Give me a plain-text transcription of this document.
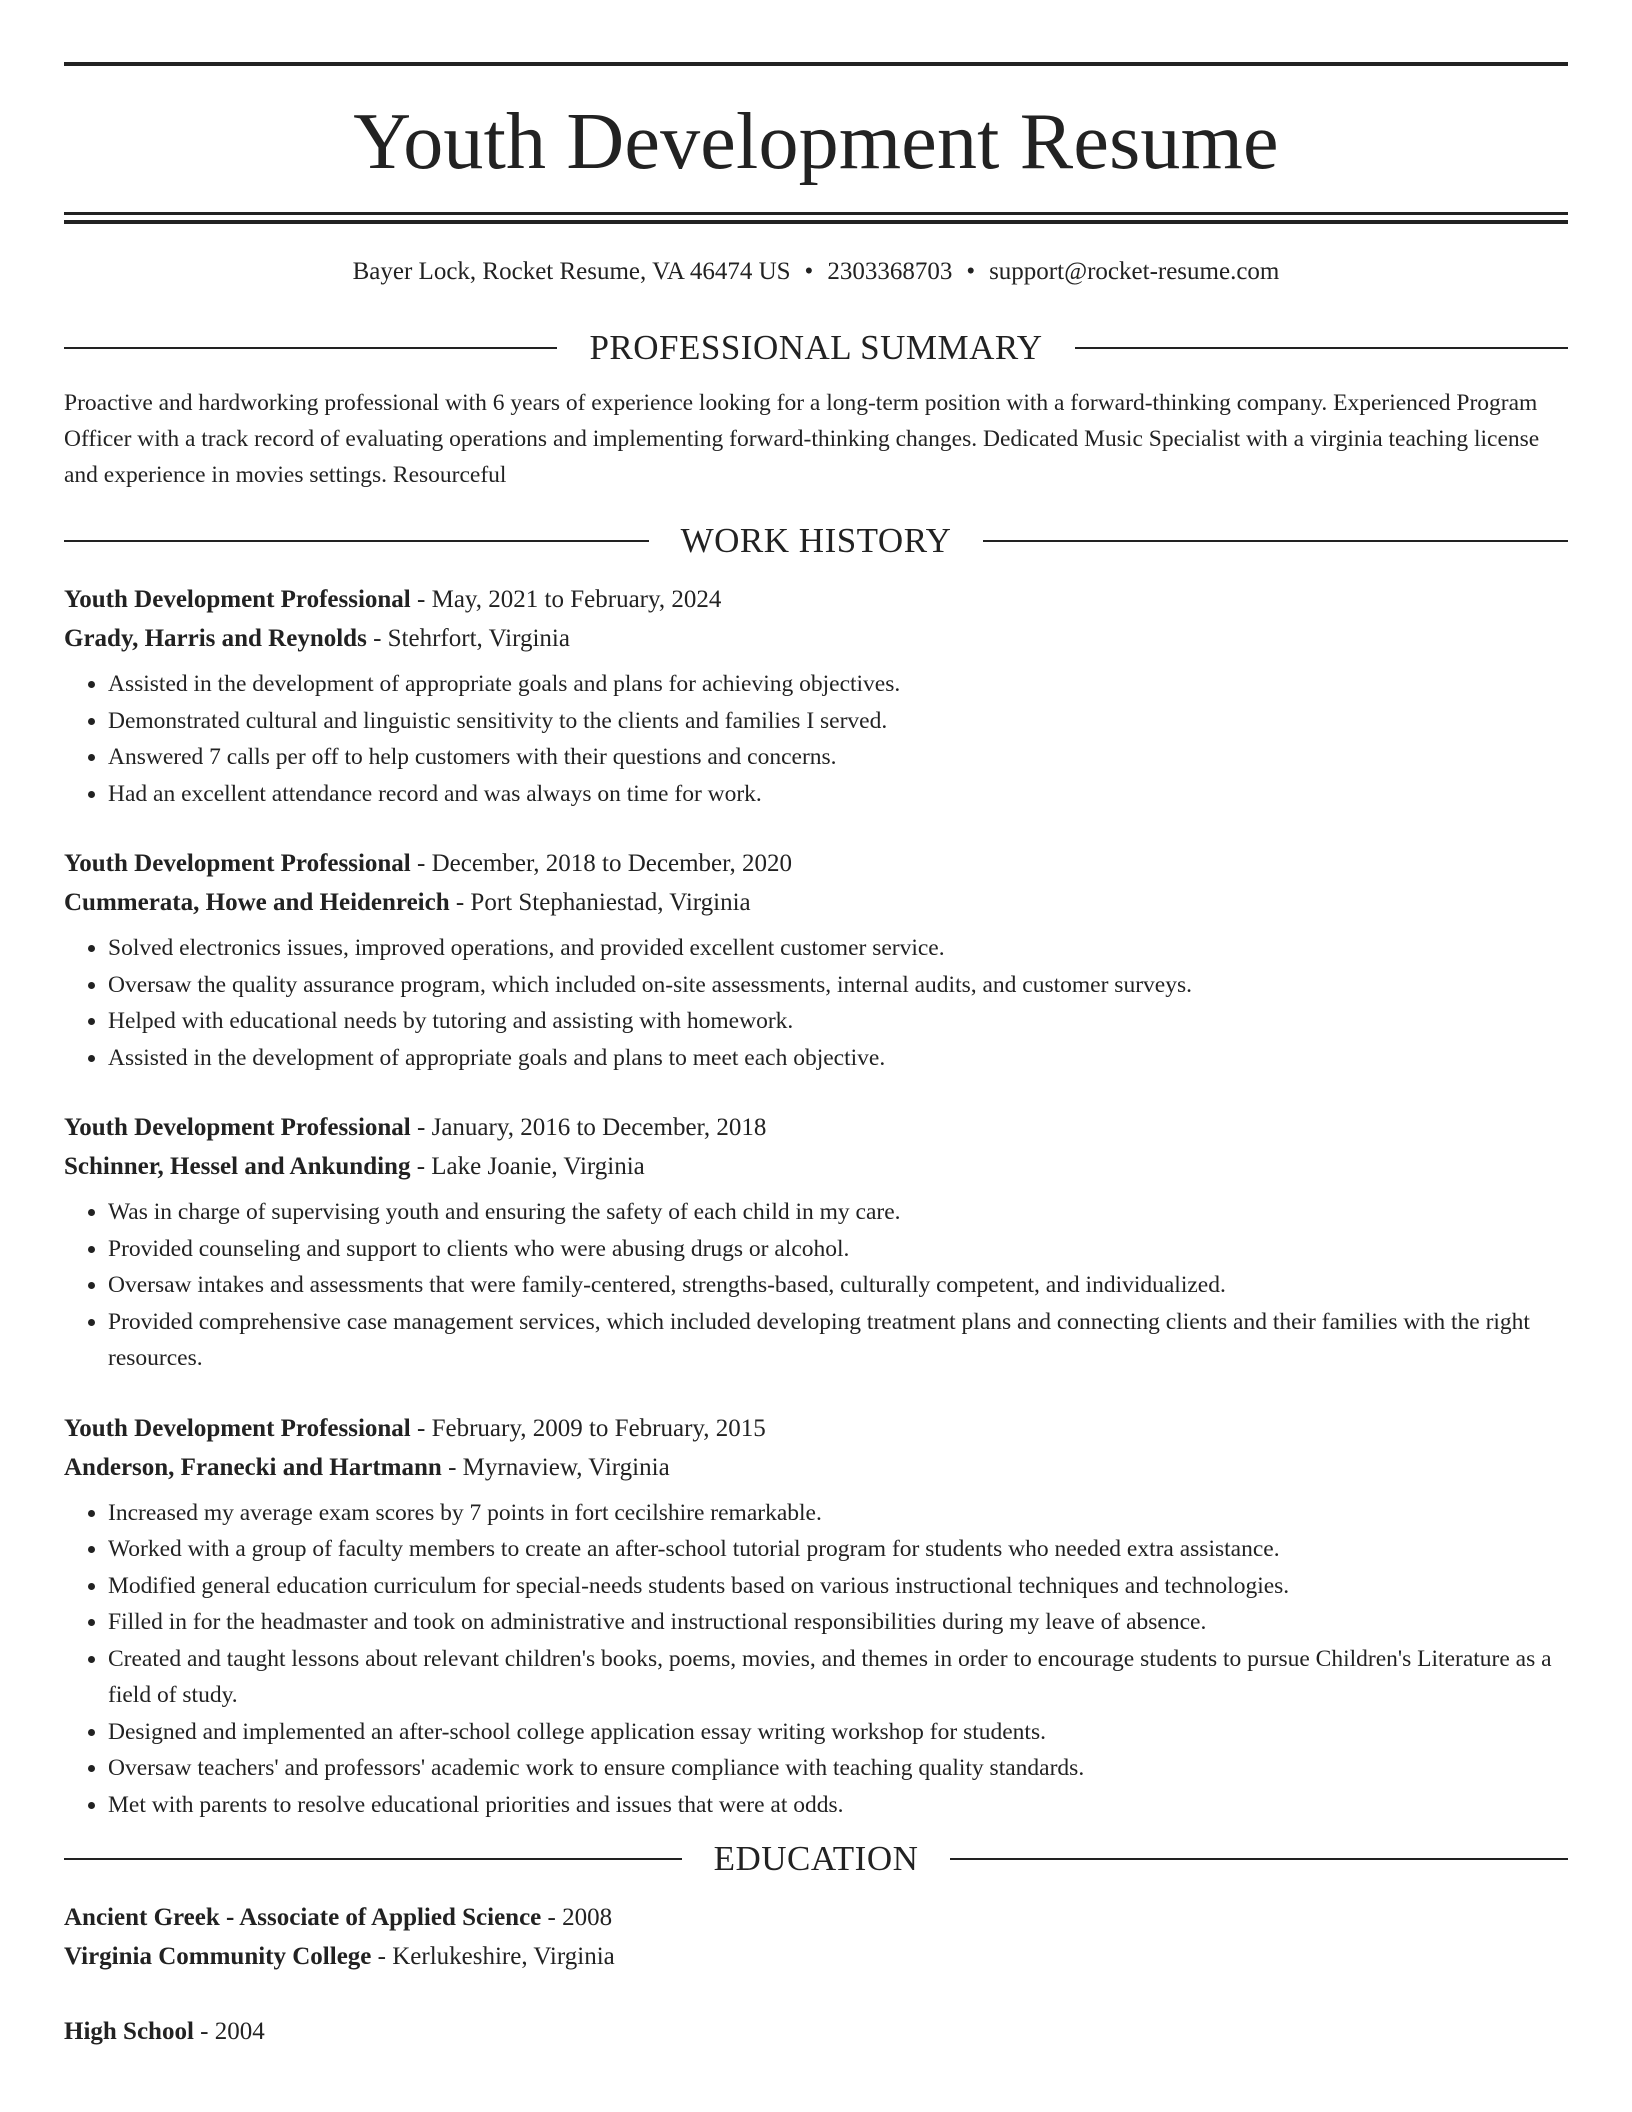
Youth Development Resume
Bayer Lock, Rocket Resume, VA 46474 US • 2303368703 • support@rocket-resume.com
PROFESSIONAL SUMMARY
Proactive and hardworking professional with 6 years of experience looking for a long-term position with a forward-thinking company. Experienced Program Officer with a track record of evaluating operations and implementing forward-thinking changes. Dedicated Music Specialist with a virginia teaching license and experience in movies settings. Resourceful
WORK HISTORY
Youth Development Professional - May, 2021 to February, 2024
Grady, Harris and Reynolds - Stehrfort, Virginia
• Assisted in the development of appropriate goals and plans for achieving objectives.
• Demonstrated cultural and linguistic sensitivity to the clients and families I served.
• Answered 7 calls per off to help customers with their questions and concerns.
• Had an excellent attendance record and was always on time for work.
Youth Development Professional - December, 2018 to December, 2020
Cummerata, Howe and Heidenreich - Port Stephaniestad, Virginia
• Solved electronics issues, improved operations, and provided excellent customer service.
• Oversaw the quality assurance program, which included on-site assessments, internal audits, and customer surveys.
• Helped with educational needs by tutoring and assisting with homework.
• Assisted in the development of appropriate goals and plans to meet each objective.
Youth Development Professional - January, 2016 to December, 2018
Schinner, Hessel and Ankunding - Lake Joanie, Virginia
• Was in charge of supervising youth and ensuring the safety of each child in my care.
• Provided counseling and support to clients who were abusing drugs or alcohol.
• Oversaw intakes and assessments that were family-centered, strengths-based, culturally competent, and individualized.
• Provided comprehensive case management services, which included developing treatment plans and connecting clients and their families with the right resources.
Youth Development Professional - February, 2009 to February, 2015
Anderson, Franecki and Hartmann - Myrnaview, Virginia
• Increased my average exam scores by 7 points in fort cecilshire remarkable.
• Worked with a group of faculty members to create an after-school tutorial program for students who needed extra assistance.
• Modified general education curriculum for special-needs students based on various instructional techniques and technologies.
• Filled in for the headmaster and took on administrative and instructional responsibilities during my leave of absence.
• Created and taught lessons about relevant children's books, poems, movies, and themes in order to encourage students to pursue Children's Literature as a field of study.
• Designed and implemented an after-school college application essay writing workshop for students.
• Oversaw teachers' and professors' academic work to ensure compliance with teaching quality standards.
• Met with parents to resolve educational priorities and issues that were at odds.
EDUCATION
Ancient Greek - Associate of Applied Science - 2008
Virginia Community College - Kerlukeshire, Virginia
High School - 2004
